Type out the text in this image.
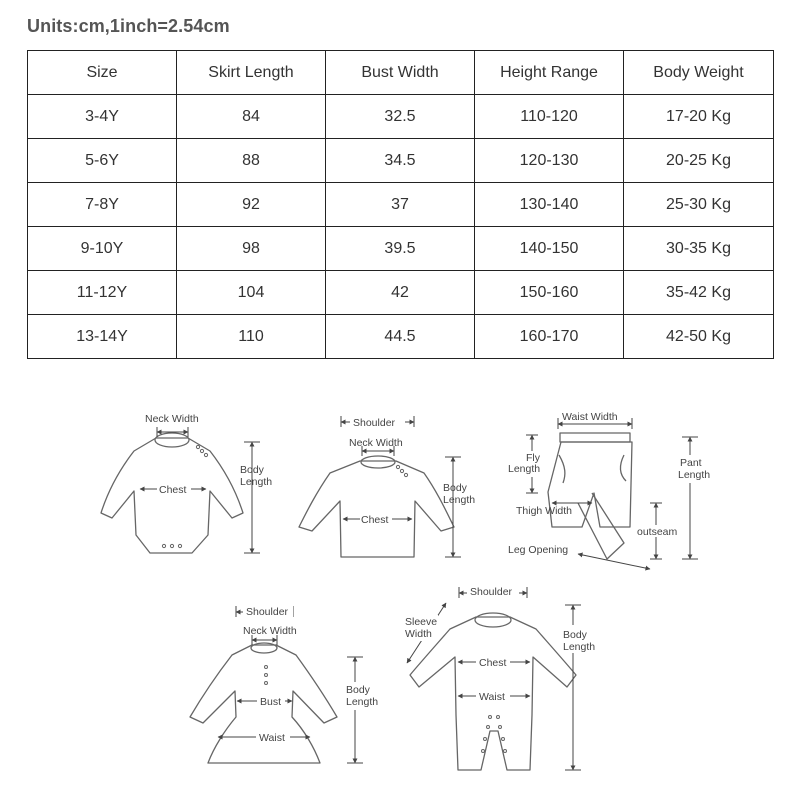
Units:cm,1inch=2.54cm
Size	Skirt Length	Bust Width	Height Range	Body Weight
3-4Y	84	32.5	110-120	17-20 Kg
5-6Y	88	34.5	120-130	20-25 Kg
7-8Y	92	37	130-140	25-30 Kg
9-10Y	98	39.5	140-150	30-35 Kg
11-12Y	104	42	150-160	35-42 Kg
13-14Y	110	44.5	160-170	42-50 Kg
Neck Width
Chest
Body
Length
Shoulder
Neck Width
Chest
Body
Length
Waist Width
Fly
Length	Pant
Length
Thigh Width
outseam
Leg Opening
Shoulder
Neck Width
Bust
Waist
Body
Length
Shoulder
Sleeve
Width
Chest
Waist
Body
Length
